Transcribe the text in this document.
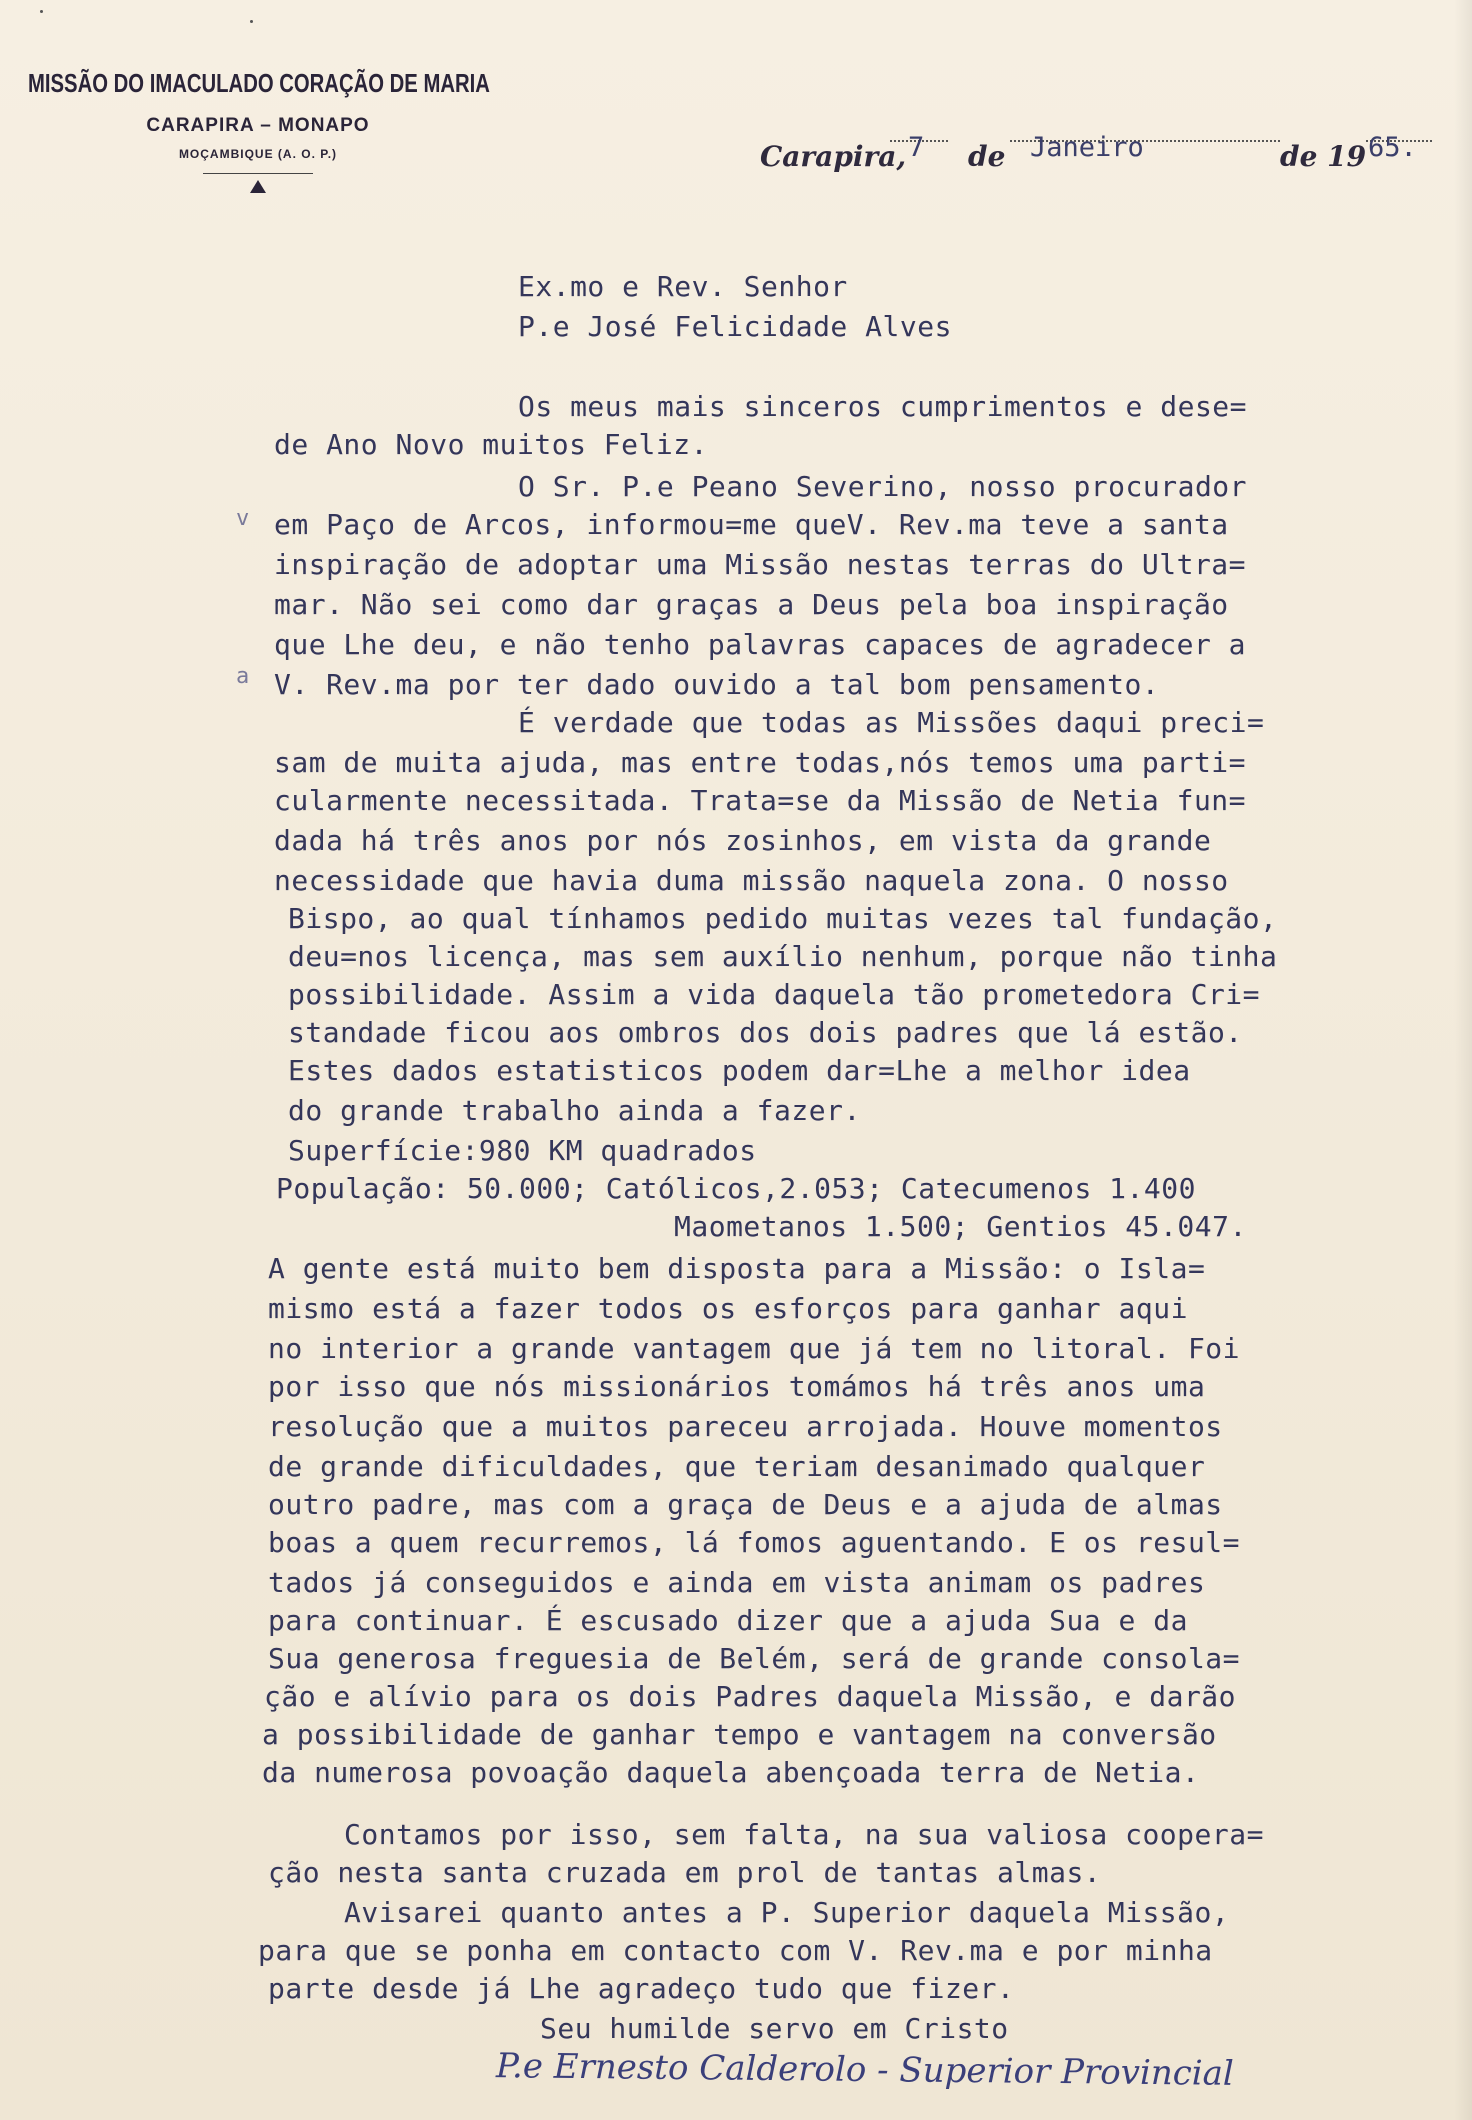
MISSÃO DO IMACULADO CORAÇÃO DE MARIA
CARAPIRA – MONAPO
MOÇAMBIQUE (A. O. P.)	Carapira, 7 de Janeiro	de 19 65.
v
a
Ex.mo e Rev. Senhor
P.e José Felicidade Alves
Os meus mais sinceros cumprimentos e dese=
de Ano Novo muitos Feliz.
O Sr. P.e Peano Severino, nosso procurador
em Paço de Arcos, informou=me queV. Rev.ma teve a santa
inspiração de adoptar uma Missão nestas terras do Ultra=
mar. Não sei como dar graças a Deus pela boa inspiração
que Lhe deu, e não tenho palavras capaces de agradecer a
V. Rev.ma por ter dado ouvido a tal bom pensamento.
É verdade que todas as Missões daqui preci=
sam de muita ajuda, mas entre todas,nós temos uma parti=
cularmente necessitada. Trata=se da Missão de Netia fun=
dada há três anos por nós zosinhos, em vista da grande
necessidade que havia duma missão naquela zona. O nosso
Bispo, ao qual tínhamos pedido muitas vezes tal fundação,
deu=nos licença, mas sem auxílio nenhum, porque não tinha
possibilidade. Assim a vida daquela tão prometedora Cri=
standade ficou aos ombros dos dois padres que lá estão.
Estes dados estatisticos podem dar=Lhe a melhor idea
do grande trabalho ainda a fazer.
Superfície:980 KM quadrados
População: 50.000; Católicos,2.053; Catecumenos 1.400
Maometanos 1.500; Gentios 45.047.
A gente está muito bem disposta para a Missão: o Isla=
mismo está a fazer todos os esforços para ganhar aqui
no interior a grande vantagem que já tem no litoral. Foi
por isso que nós missionários tomámos há três anos uma
resolução que a muitos pareceu arrojada. Houve momentos
de grande dificuldades, que teriam desanimado qualquer
outro padre, mas com a graça de Deus e a ajuda de almas
boas a quem recurremos, lá fomos aguentando. E os resul=
tados já conseguidos e ainda em vista animam os padres
para continuar. É escusado dizer que a ajuda Sua e da
Sua generosa freguesia de Belém, será de grande consola=
ção e alívio para os dois Padres daquela Missão, e darão
a possibilidade de ganhar tempo e vantagem na conversão
da numerosa povoação daquela abençoada terra de Netia.
Contamos por isso, sem falta, na sua valiosa coopera=
ção nesta santa cruzada em prol de tantas almas.
Avisarei quanto antes a P. Superior daquela Missão,
para que se ponha em contacto com V. Rev.ma e por minha
parte desde já Lhe agradeço tudo que fizer.
Seu humilde servo em Cristo
P.e Ernesto Calderolo - Superior Provincial
